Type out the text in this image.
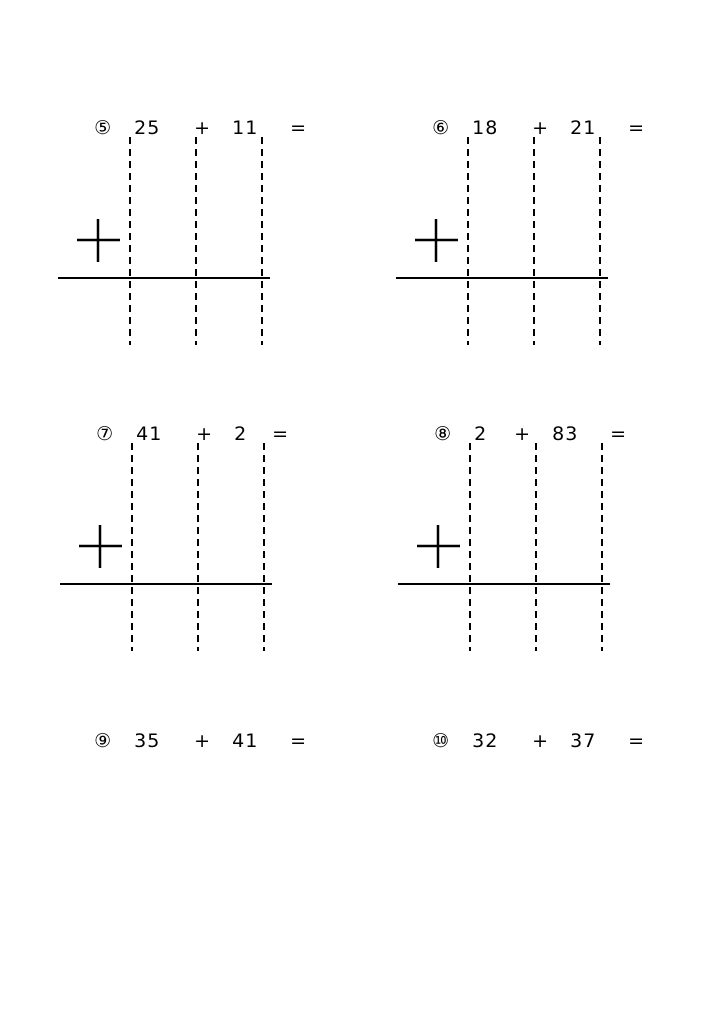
⑤ 25 + 11 =
	⑥ 18 + 21 =

⑦ 41 + 2 =
	⑧ 2 + 83 =

⑨ 35 + 41 =
	⑩ 32 + 37 =
